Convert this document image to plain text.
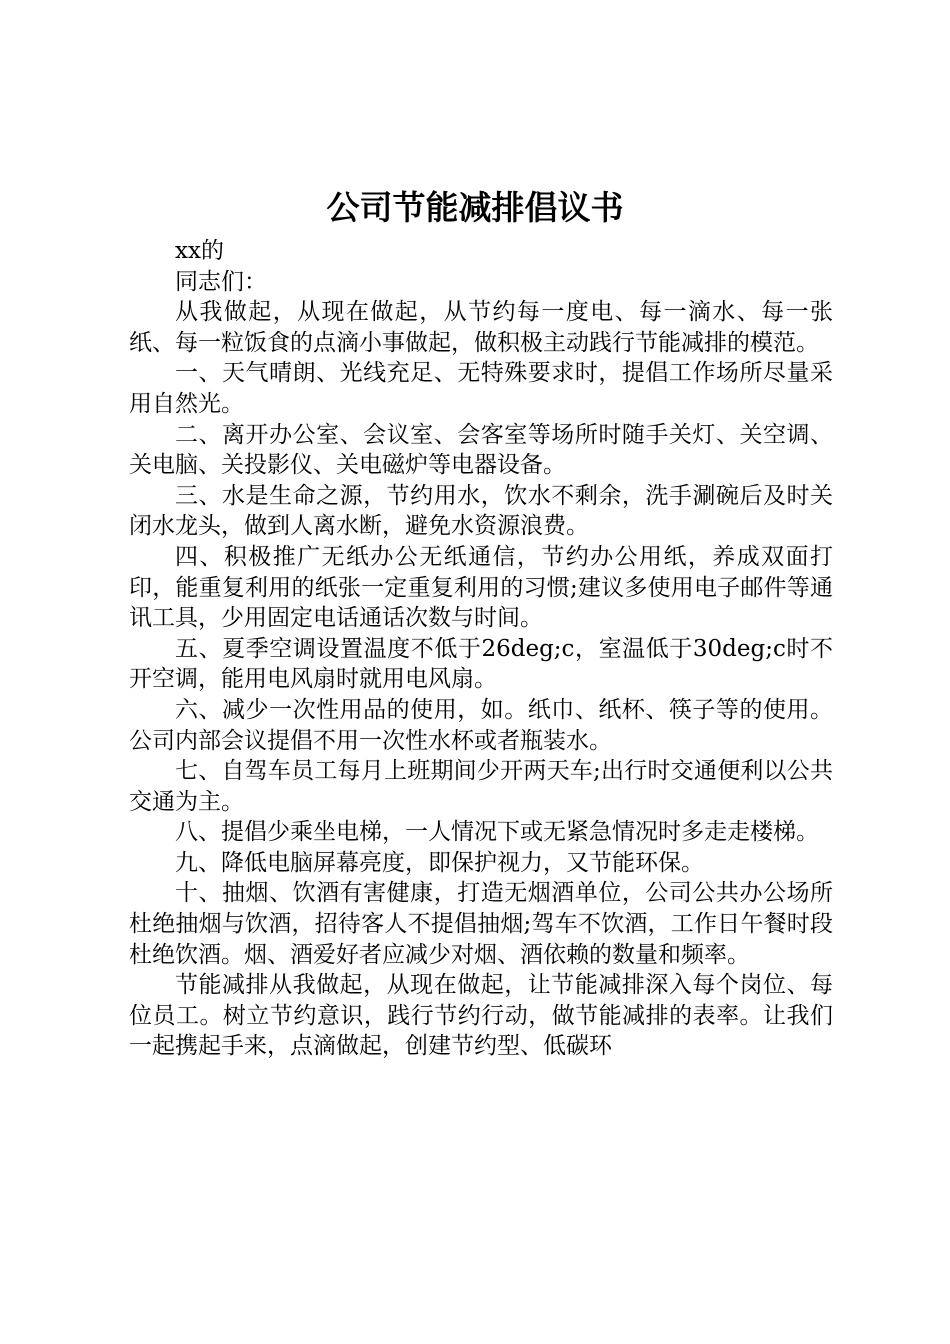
公司节能减排倡议书

xx的

同志们：

从我做起，从现在做起，从节约每一度电、每一滴水、每一张纸、每一粒饭食的点滴小事做起，做积极主动践行节能减排的模范。

一、天气晴朗、光线充足、无特殊要求时，提倡工作场所尽量采用自然光。

二、离开办公室、会议室、会客室等场所时随手关灯、关空调、关电脑、关投影仪、关电磁炉等电器设备。

三、水是生命之源，节约用水，饮水不剩余，洗手涮碗后及时关闭水龙头，做到人离水断，避免水资源浪费。

四、积极推广无纸办公无纸通信，节约办公用纸，养成双面打印，能重复利用的纸张一定重复利用的习惯;建议多使用电子邮件等通讯工具，少用固定电话通话次数与时间。

五、夏季空调设置温度不低于26deg;c，室温低于30deg;c时不开空调，能用电风扇时就用电风扇。

六、减少一次性用品的使用，如。纸巾、纸杯、筷子等的使用。公司内部会议提倡不用一次性水杯或者瓶装水。

七、自驾车员工每月上班期间少开两天车;出行时交通便利以公共交通为主。

八、提倡少乘坐电梯，一人情况下或无紧急情况时多走走楼梯。

九、降低电脑屏幕亮度，即保护视力，又节能环保。

十、抽烟、饮酒有害健康，打造无烟酒单位，公司公共办公场所杜绝抽烟与饮酒，招待客人不提倡抽烟;驾车不饮酒，工作日午餐时段杜绝饮酒。烟、酒爱好者应减少对烟、酒依赖的数量和频率。

节能减排从我做起，从现在做起，让节能减排深入每个岗位、每位员工。树立节约意识，践行节约行动，做节能减排的表率。让我们一起携起手来，点滴做起，创建节约型、低碳环
